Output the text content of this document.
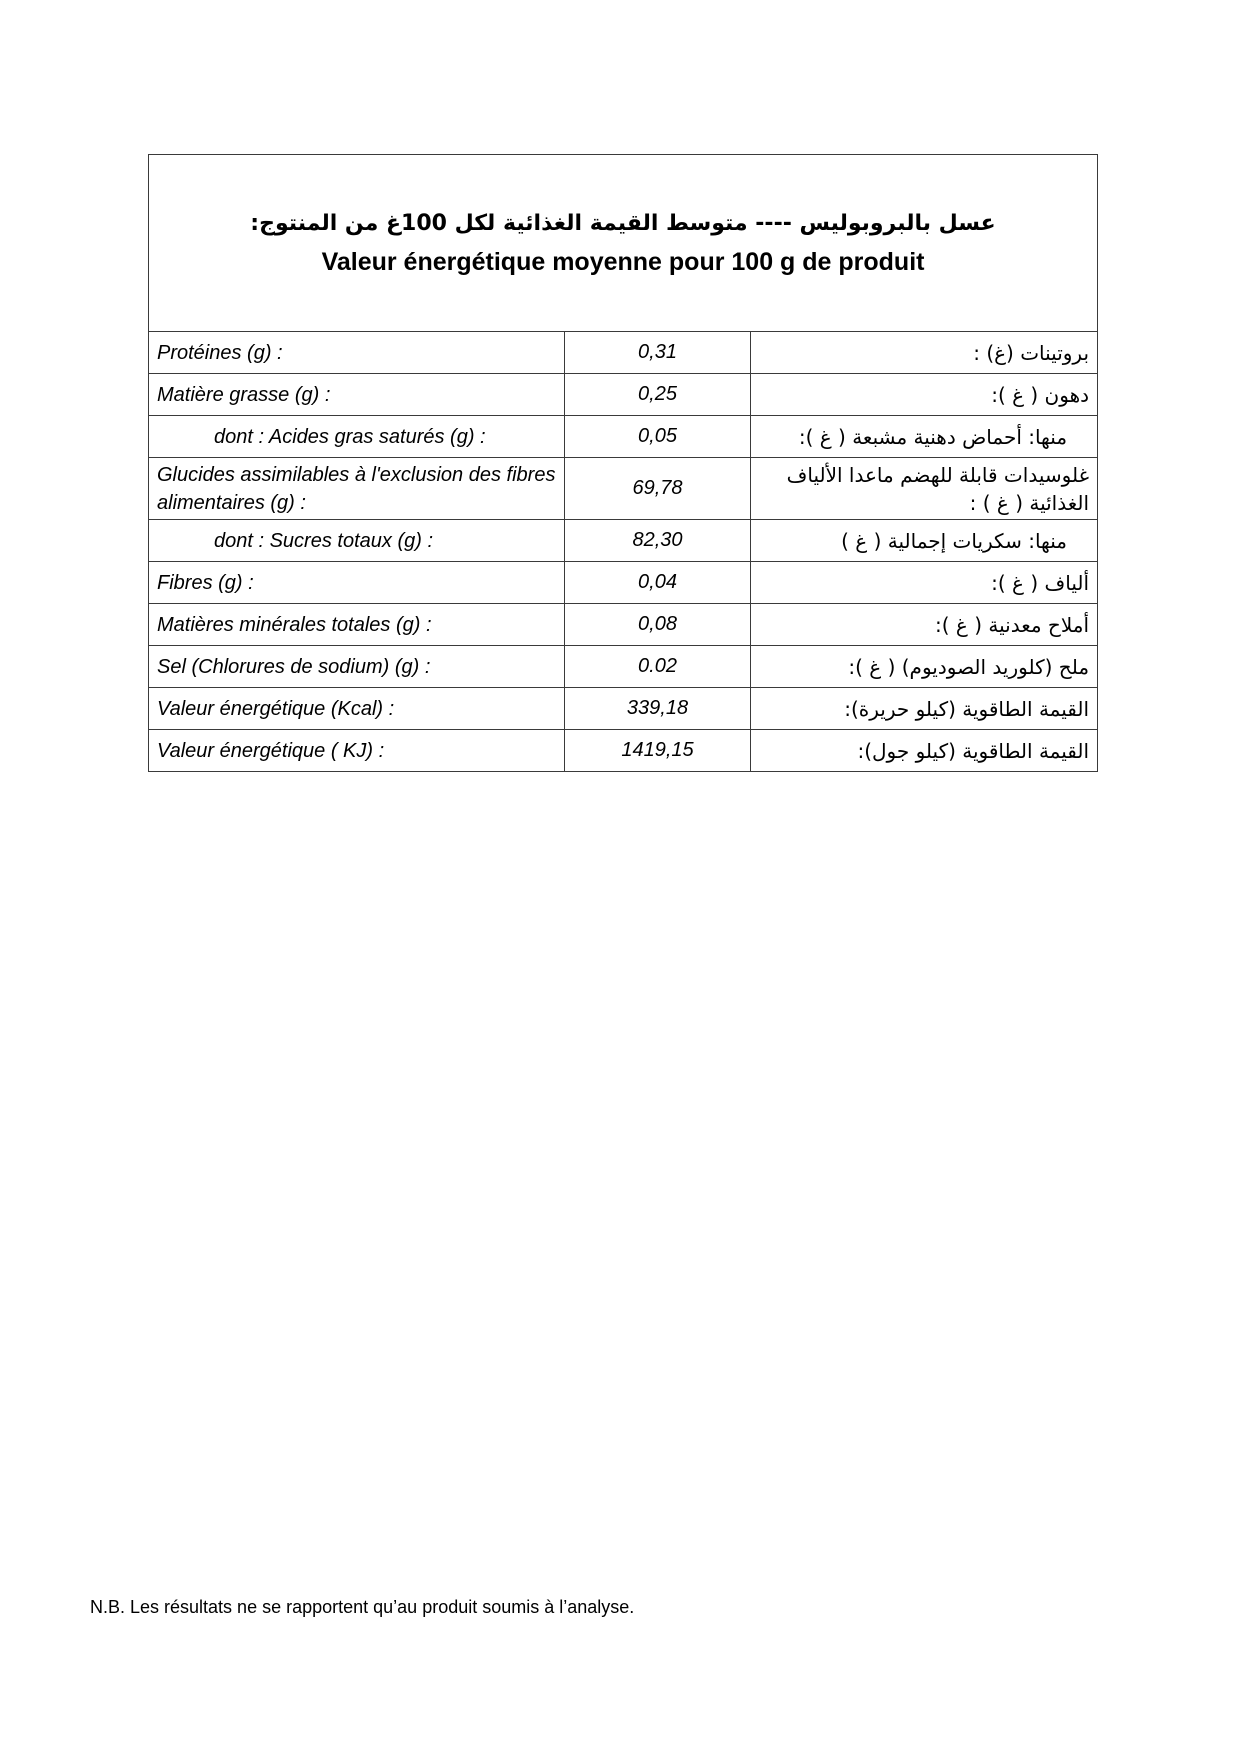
عسل بالبروبوليس ---- متوسط القيمة الغذائية لكل 100غ من المنتوج:
Valeur énergétique moyenne pour 100 g de produit		

Protéines (g) :	0,31	بروتينات (غ) :
Matière grasse (g) :	0,25	دهون ( غ ):
dont : Acides gras saturés (g) :	0,05	منها: أحماض دهنية مشبعة ( غ ):
Glucides assimilables à l'exclusion des fibres alimentaires (g) :	69,78	غلوسيدات قابلة للهضم ماعدا الألياف الغذائية ( غ ) :
dont : Sucres totaux (g) :	82,30	منها: سكريات إجمالية ( غ )
Fibres (g) :	0,04	ألياف ( غ ):
Matières minérales totales (g) :	0,08	أملاح معدنية ( غ ):
Sel (Chlorures de sodium) (g) :	0.02	ملح (كلوريد الصوديوم) ( غ ):
Valeur énergétique (Kcal) :	339,18	القيمة الطاقوية (كيلو حريرة):
Valeur énergétique ( KJ) :	1419,15	القيمة الطاقوية (كيلو جول):
N.B. Les résultats ne se rapportent qu’au produit soumis à l’analyse.
